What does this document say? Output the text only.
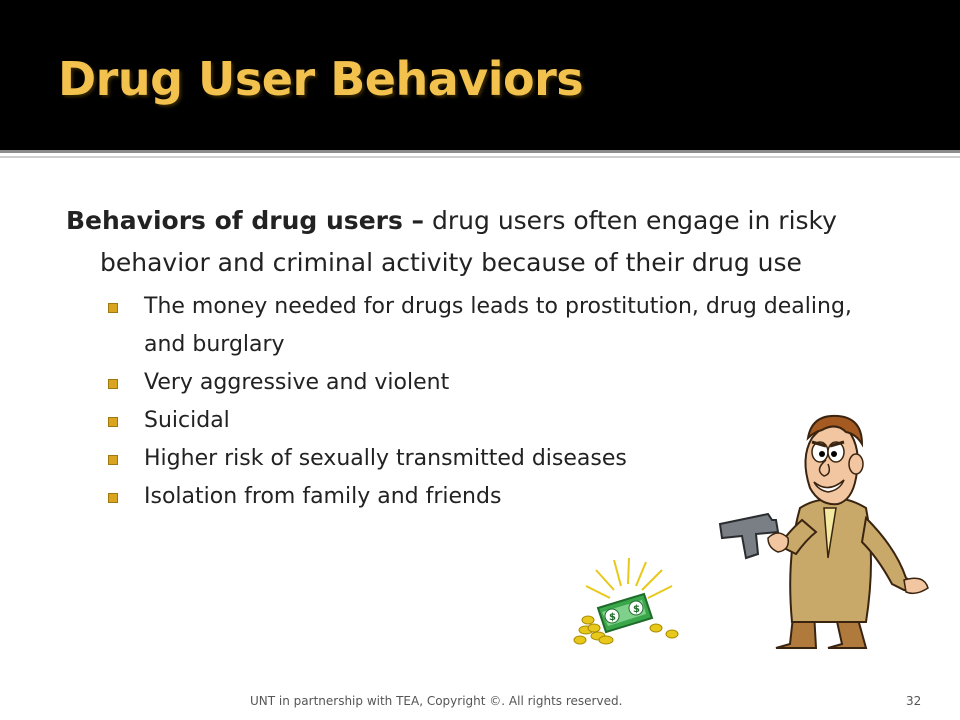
Drug User Behaviors

Behaviors of drug users – drug users often engage in risky behavior and criminal activity because of their drug use

The money needed for drugs leads to prostitution, drug dealing, and burglary
Very aggressive and violent
Suicidal
Higher risk of sexually transmitted diseases
Isolation from family and friends
$
$
UNT in partnership with TEA, Copyright ©. All rights reserved.	32
